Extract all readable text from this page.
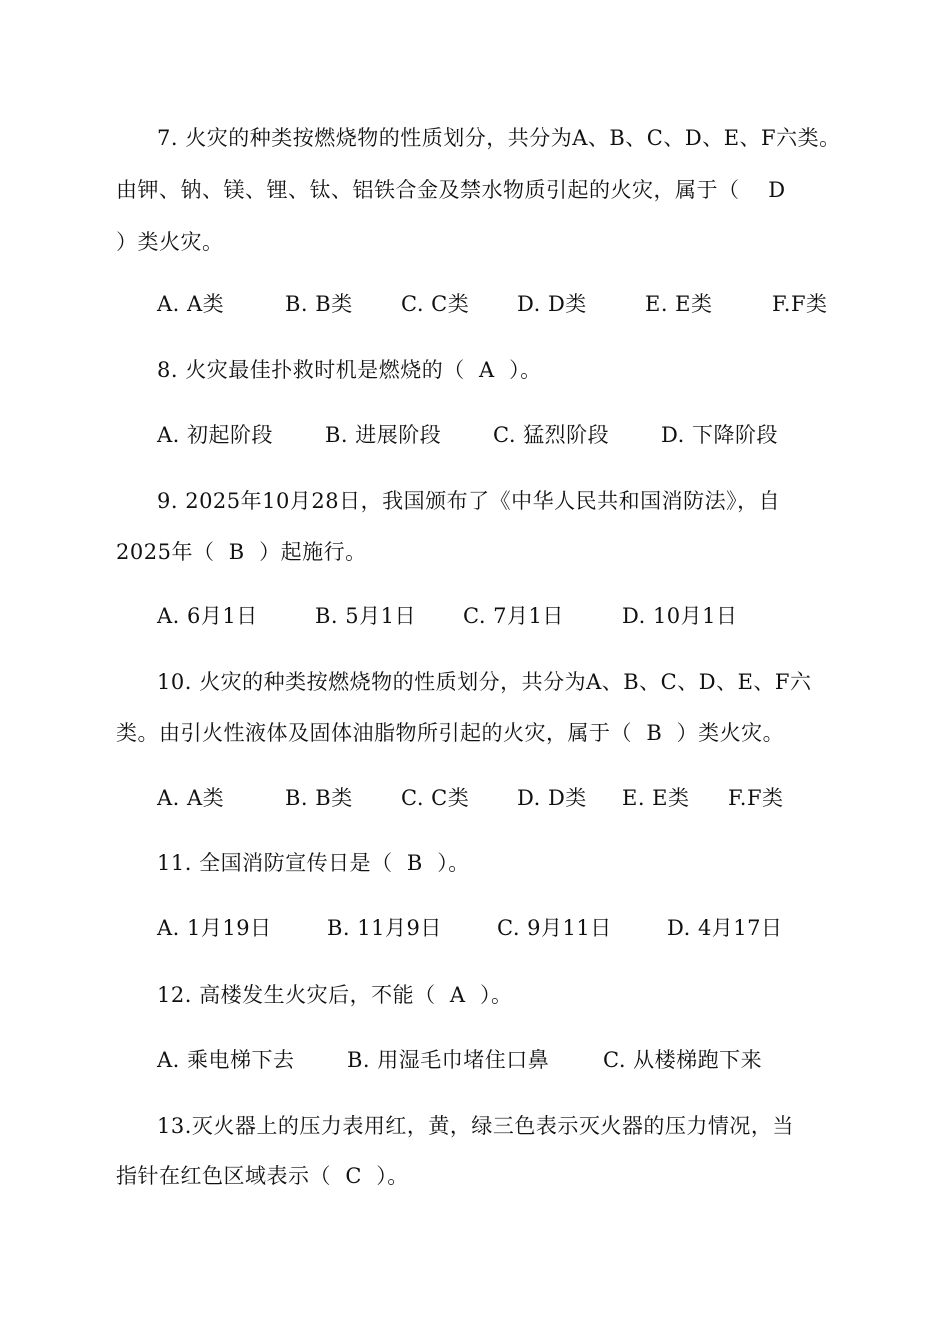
7. 火灾的种类按燃烧物的性质划分，共分为A、B、C、D、E、F六类。
由钾、钠、镁、锂、钛、铝铁合金及禁水物质引起的火灾，属于（    D
）类火灾。

A. A类

	B. B类

C. C类

D. D类

	E. E类

	F.F类

8. 火灾最佳扑救时机是燃烧的（  A  ）。

A. 初起阶段

B. 进展阶段

C. 猛烈阶段

D. 下降阶段

9. 2025年10月28日，我国颁布了《中华人民共和国消防法》，自
2025年（  B  ）起施行。

A. 6月1日

	B. 5月1日

C. 7月1日

	D. 10月1日

10. 火灾的种类按燃烧物的性质划分，共分为A、B、C、D、E、F六
类。由引火性液体及固体油脂物所引起的火灾，属于（  B  ）类火灾。

A. A类

	B. B类

C. C类

D. D类

E. E类

F.F类

11. 全国消防宣传日是（  B  ）。

A. 1月19日

	B. 11月9日

	C. 9月11日

	D. 4月17日

12. 高楼发生火灾后，不能（  A  ）。

A. 乘电梯下去

B. 用湿毛巾堵住口鼻

	C. 从楼梯跑下来

13.灭火器上的压力表用红，黄，绿三色表示灭火器的压力情况，当
指针在红色区域表示（  C  ）。
